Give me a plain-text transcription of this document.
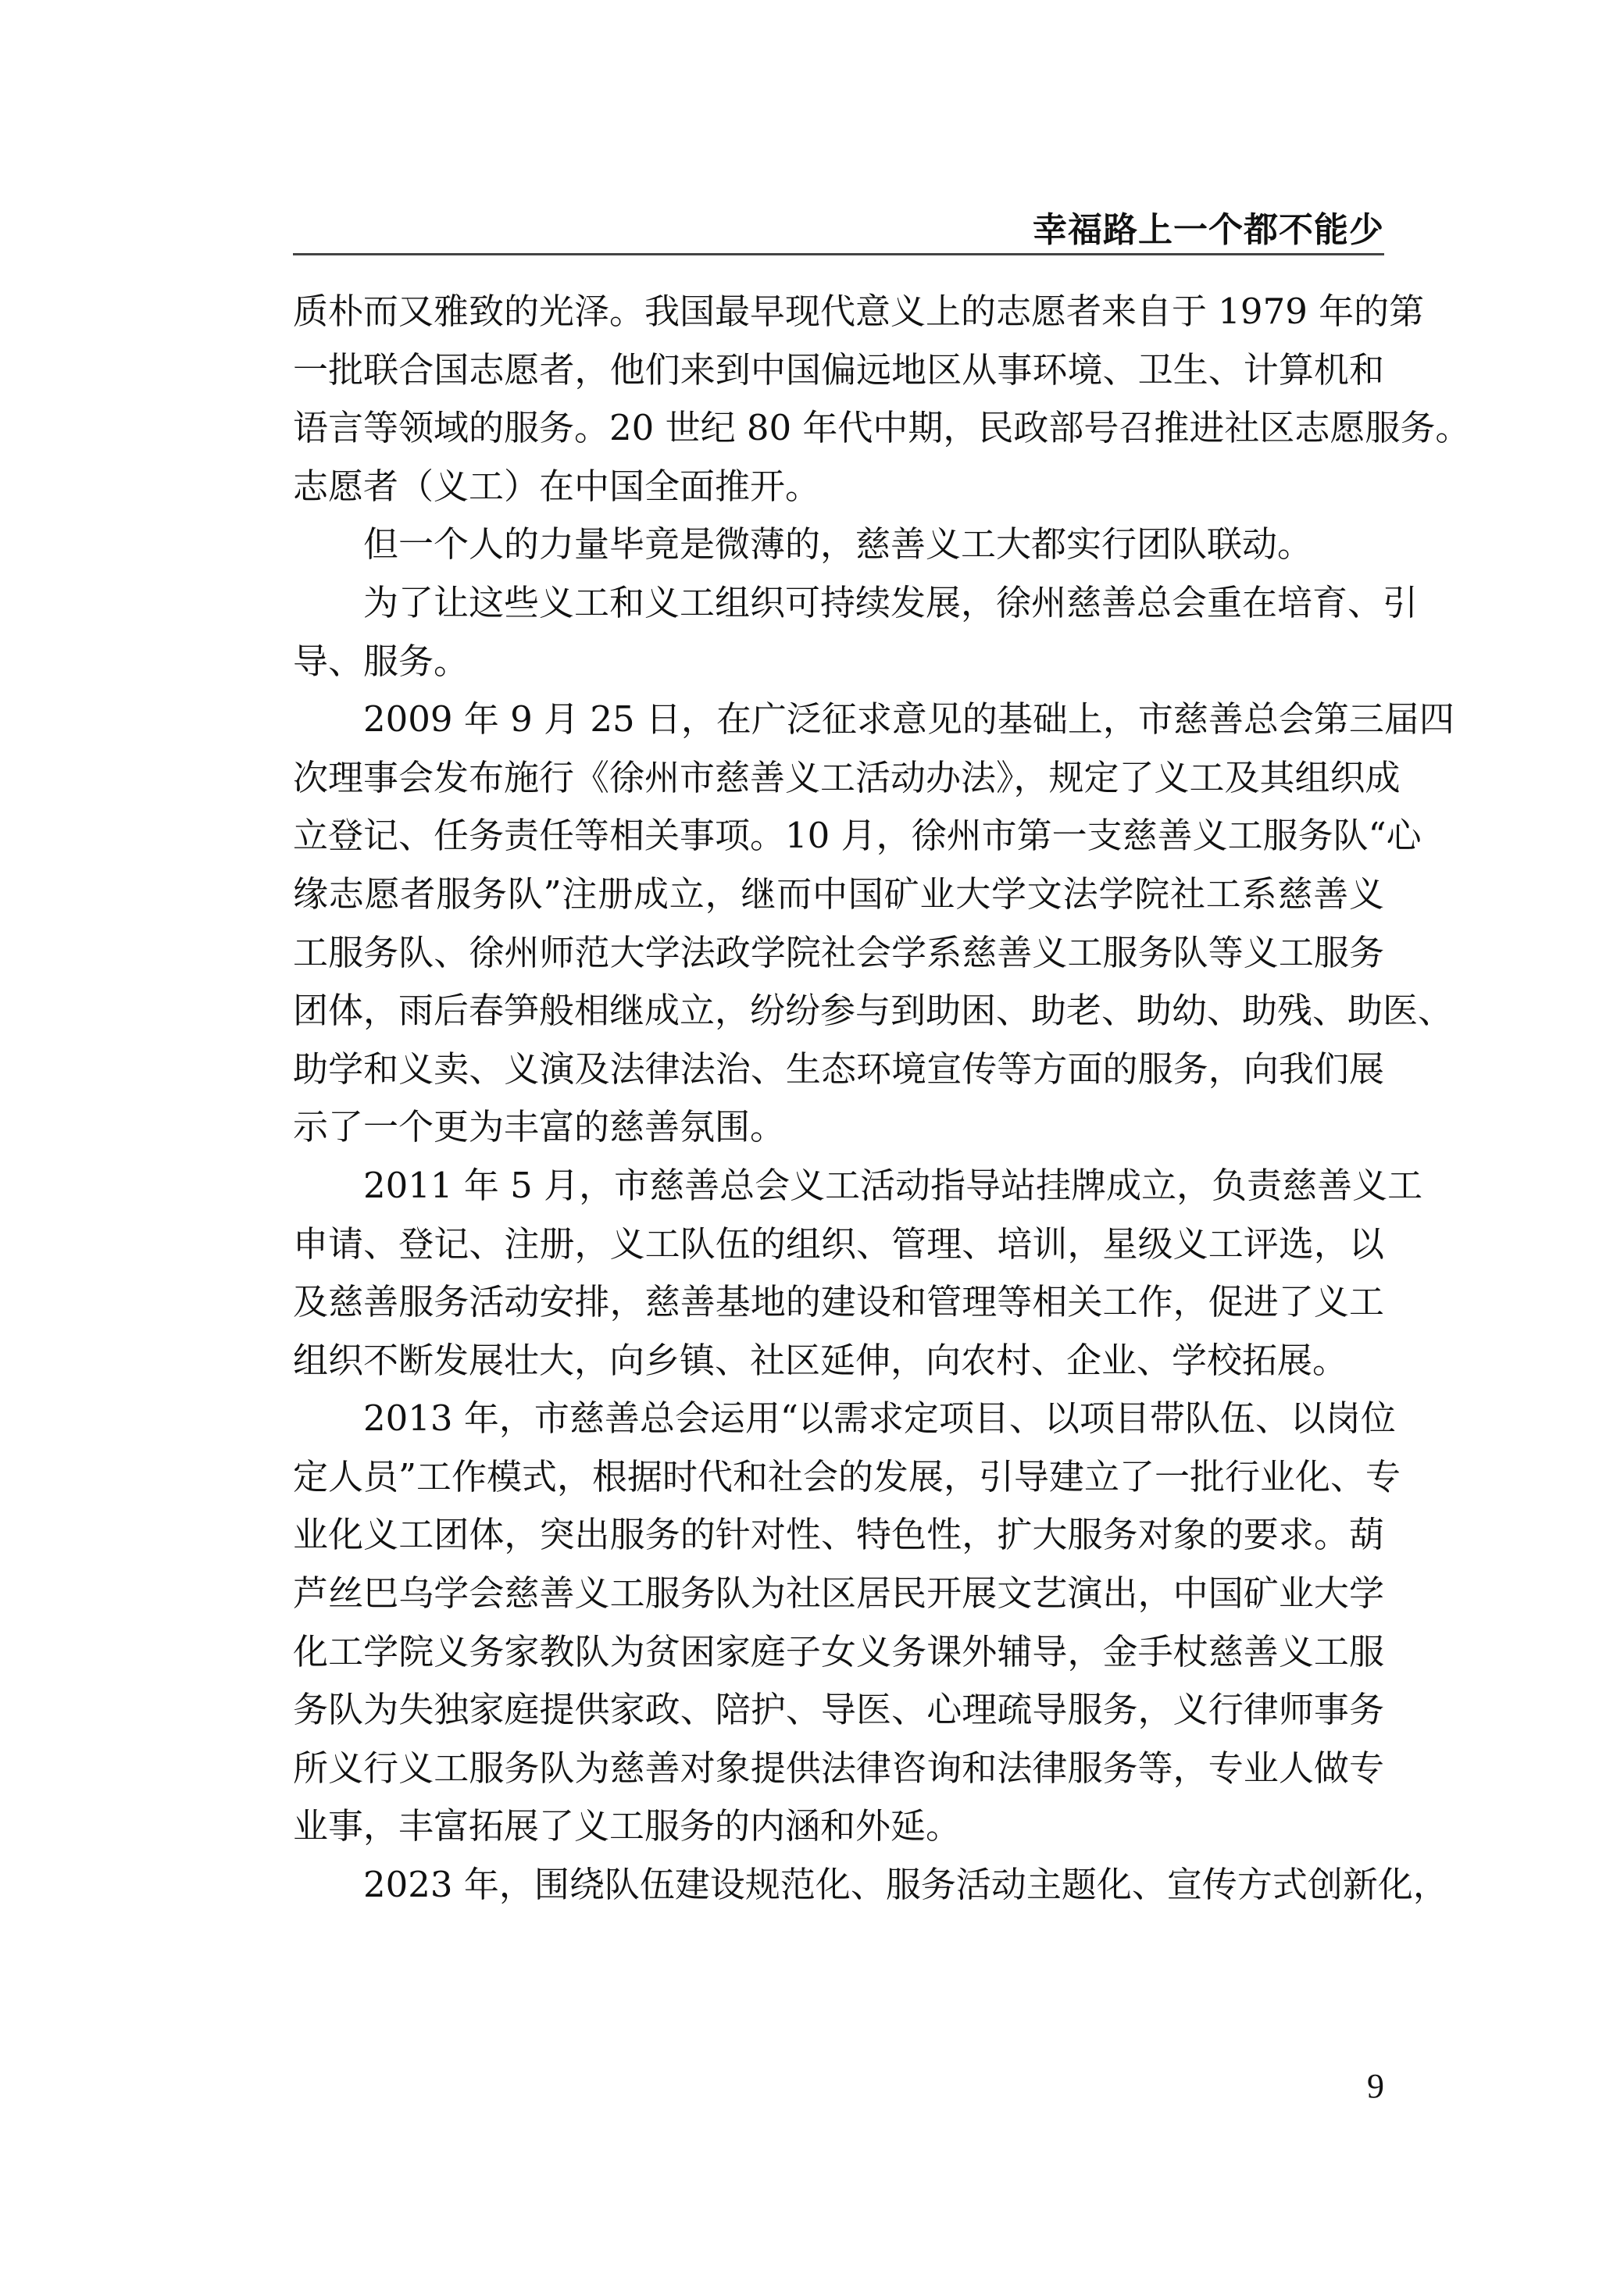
幸福路上一个都不能少
质朴而又雅致的光泽。我国最早现代意义上的志愿者来自于 1979 年的第
一批联合国志愿者，他们来到中国偏远地区从事环境、卫生、计算机和
语言等领域的服务。20 世纪 80 年代中期，民政部号召推进社区志愿服务。
志愿者（义工）在中国全面推开。
但一个人的力量毕竟是微薄的，慈善义工大都实行团队联动。
为了让这些义工和义工组织可持续发展，徐州慈善总会重在培育、引
导、服务。
2009 年 9 月 25 日，在广泛征求意见的基础上，市慈善总会第三届四
次理事会发布施行《徐州市慈善义工活动办法》，规定了义工及其组织成
立登记、任务责任等相关事项。10 月，徐州市第一支慈善义工服务队“心
缘志愿者服务队”注册成立，继而中国矿业大学文法学院社工系慈善义
工服务队、徐州师范大学法政学院社会学系慈善义工服务队等义工服务
团体，雨后春笋般相继成立，纷纷参与到助困、助老、助幼、助残、助医、
助学和义卖、义演及法律法治、生态环境宣传等方面的服务，向我们展
示了一个更为丰富的慈善氛围。
2011 年 5 月，市慈善总会义工活动指导站挂牌成立，负责慈善义工
申请、登记、注册，义工队伍的组织、管理、培训，星级义工评选，以
及慈善服务活动安排，慈善基地的建设和管理等相关工作，促进了义工
组织不断发展壮大，向乡镇、社区延伸，向农村、企业、学校拓展。
2013 年，市慈善总会运用“以需求定项目、以项目带队伍、以岗位
定人员”工作模式，根据时代和社会的发展，引导建立了一批行业化、专
业化义工团体，突出服务的针对性、特色性，扩大服务对象的要求。葫
芦丝巴乌学会慈善义工服务队为社区居民开展文艺演出，中国矿业大学
化工学院义务家教队为贫困家庭子女义务课外辅导，金手杖慈善义工服
务队为失独家庭提供家政、陪护、导医、心理疏导服务，义行律师事务
所义行义工服务队为慈善对象提供法律咨询和法律服务等，专业人做专
业事，丰富拓展了义工服务的内涵和外延。
2023 年，围绕队伍建设规范化、服务活动主题化、宣传方式创新化，
9
